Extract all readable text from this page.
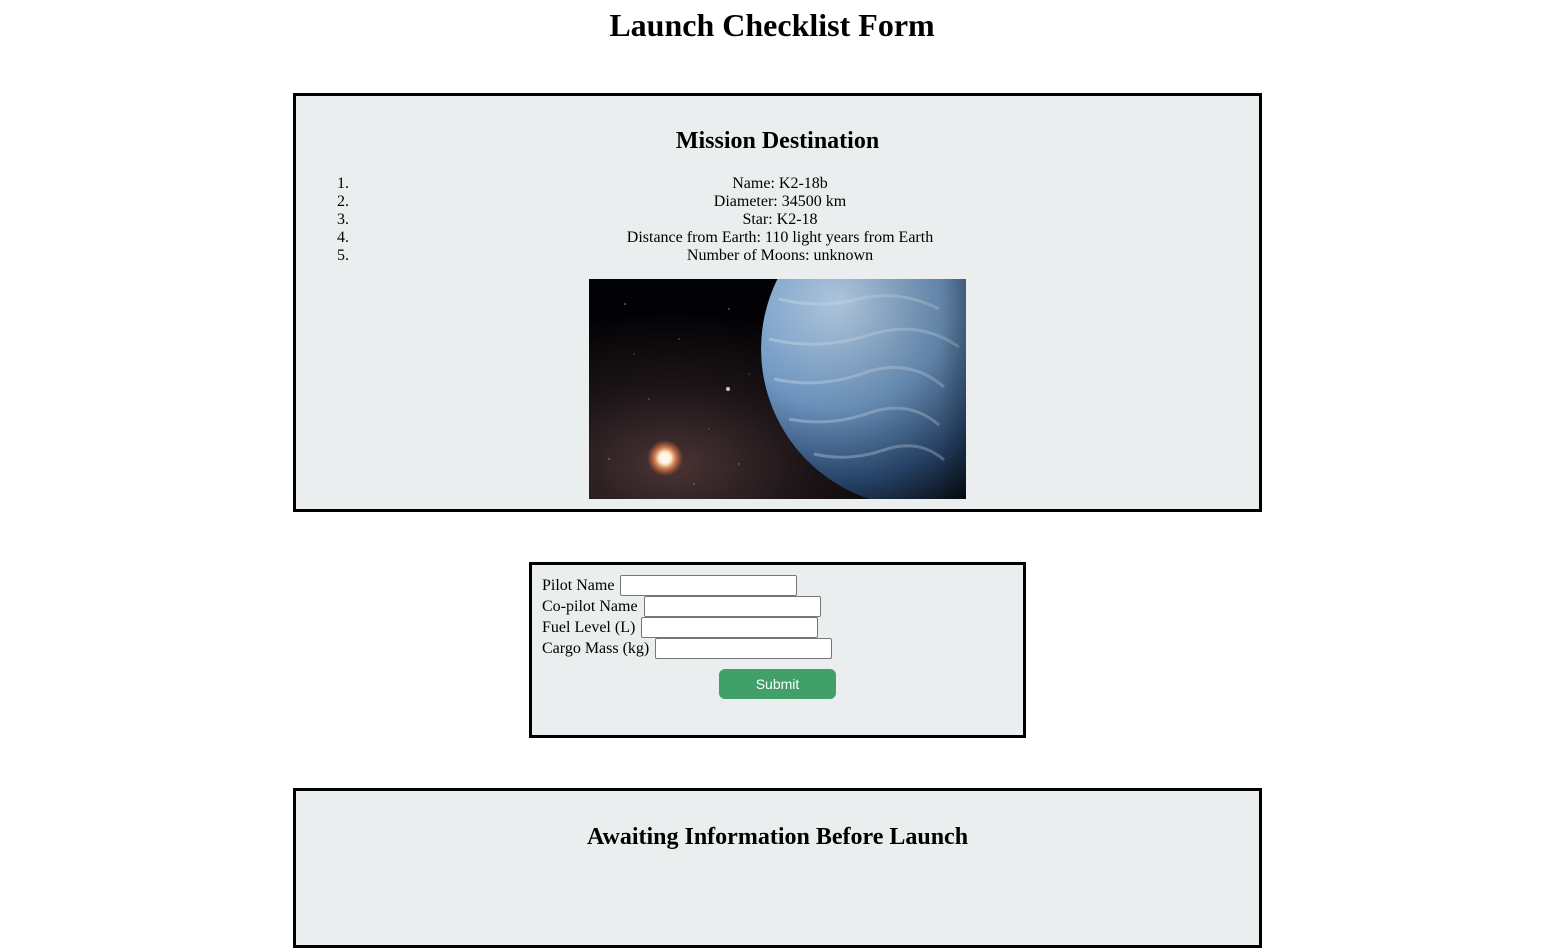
Launch Checklist Form
Mission Destination
1.	Name: K2-18b
2.	Diameter: 34500 km
3.	Star: K2-18
4.	Distance from Earth: 110 light years from Earth
5.	Number of Moons: unknown
Pilot Name
Co-pilot Name
Fuel Level (L)
Cargo Mass (kg)
Submit
Awaiting Information Before Launch
